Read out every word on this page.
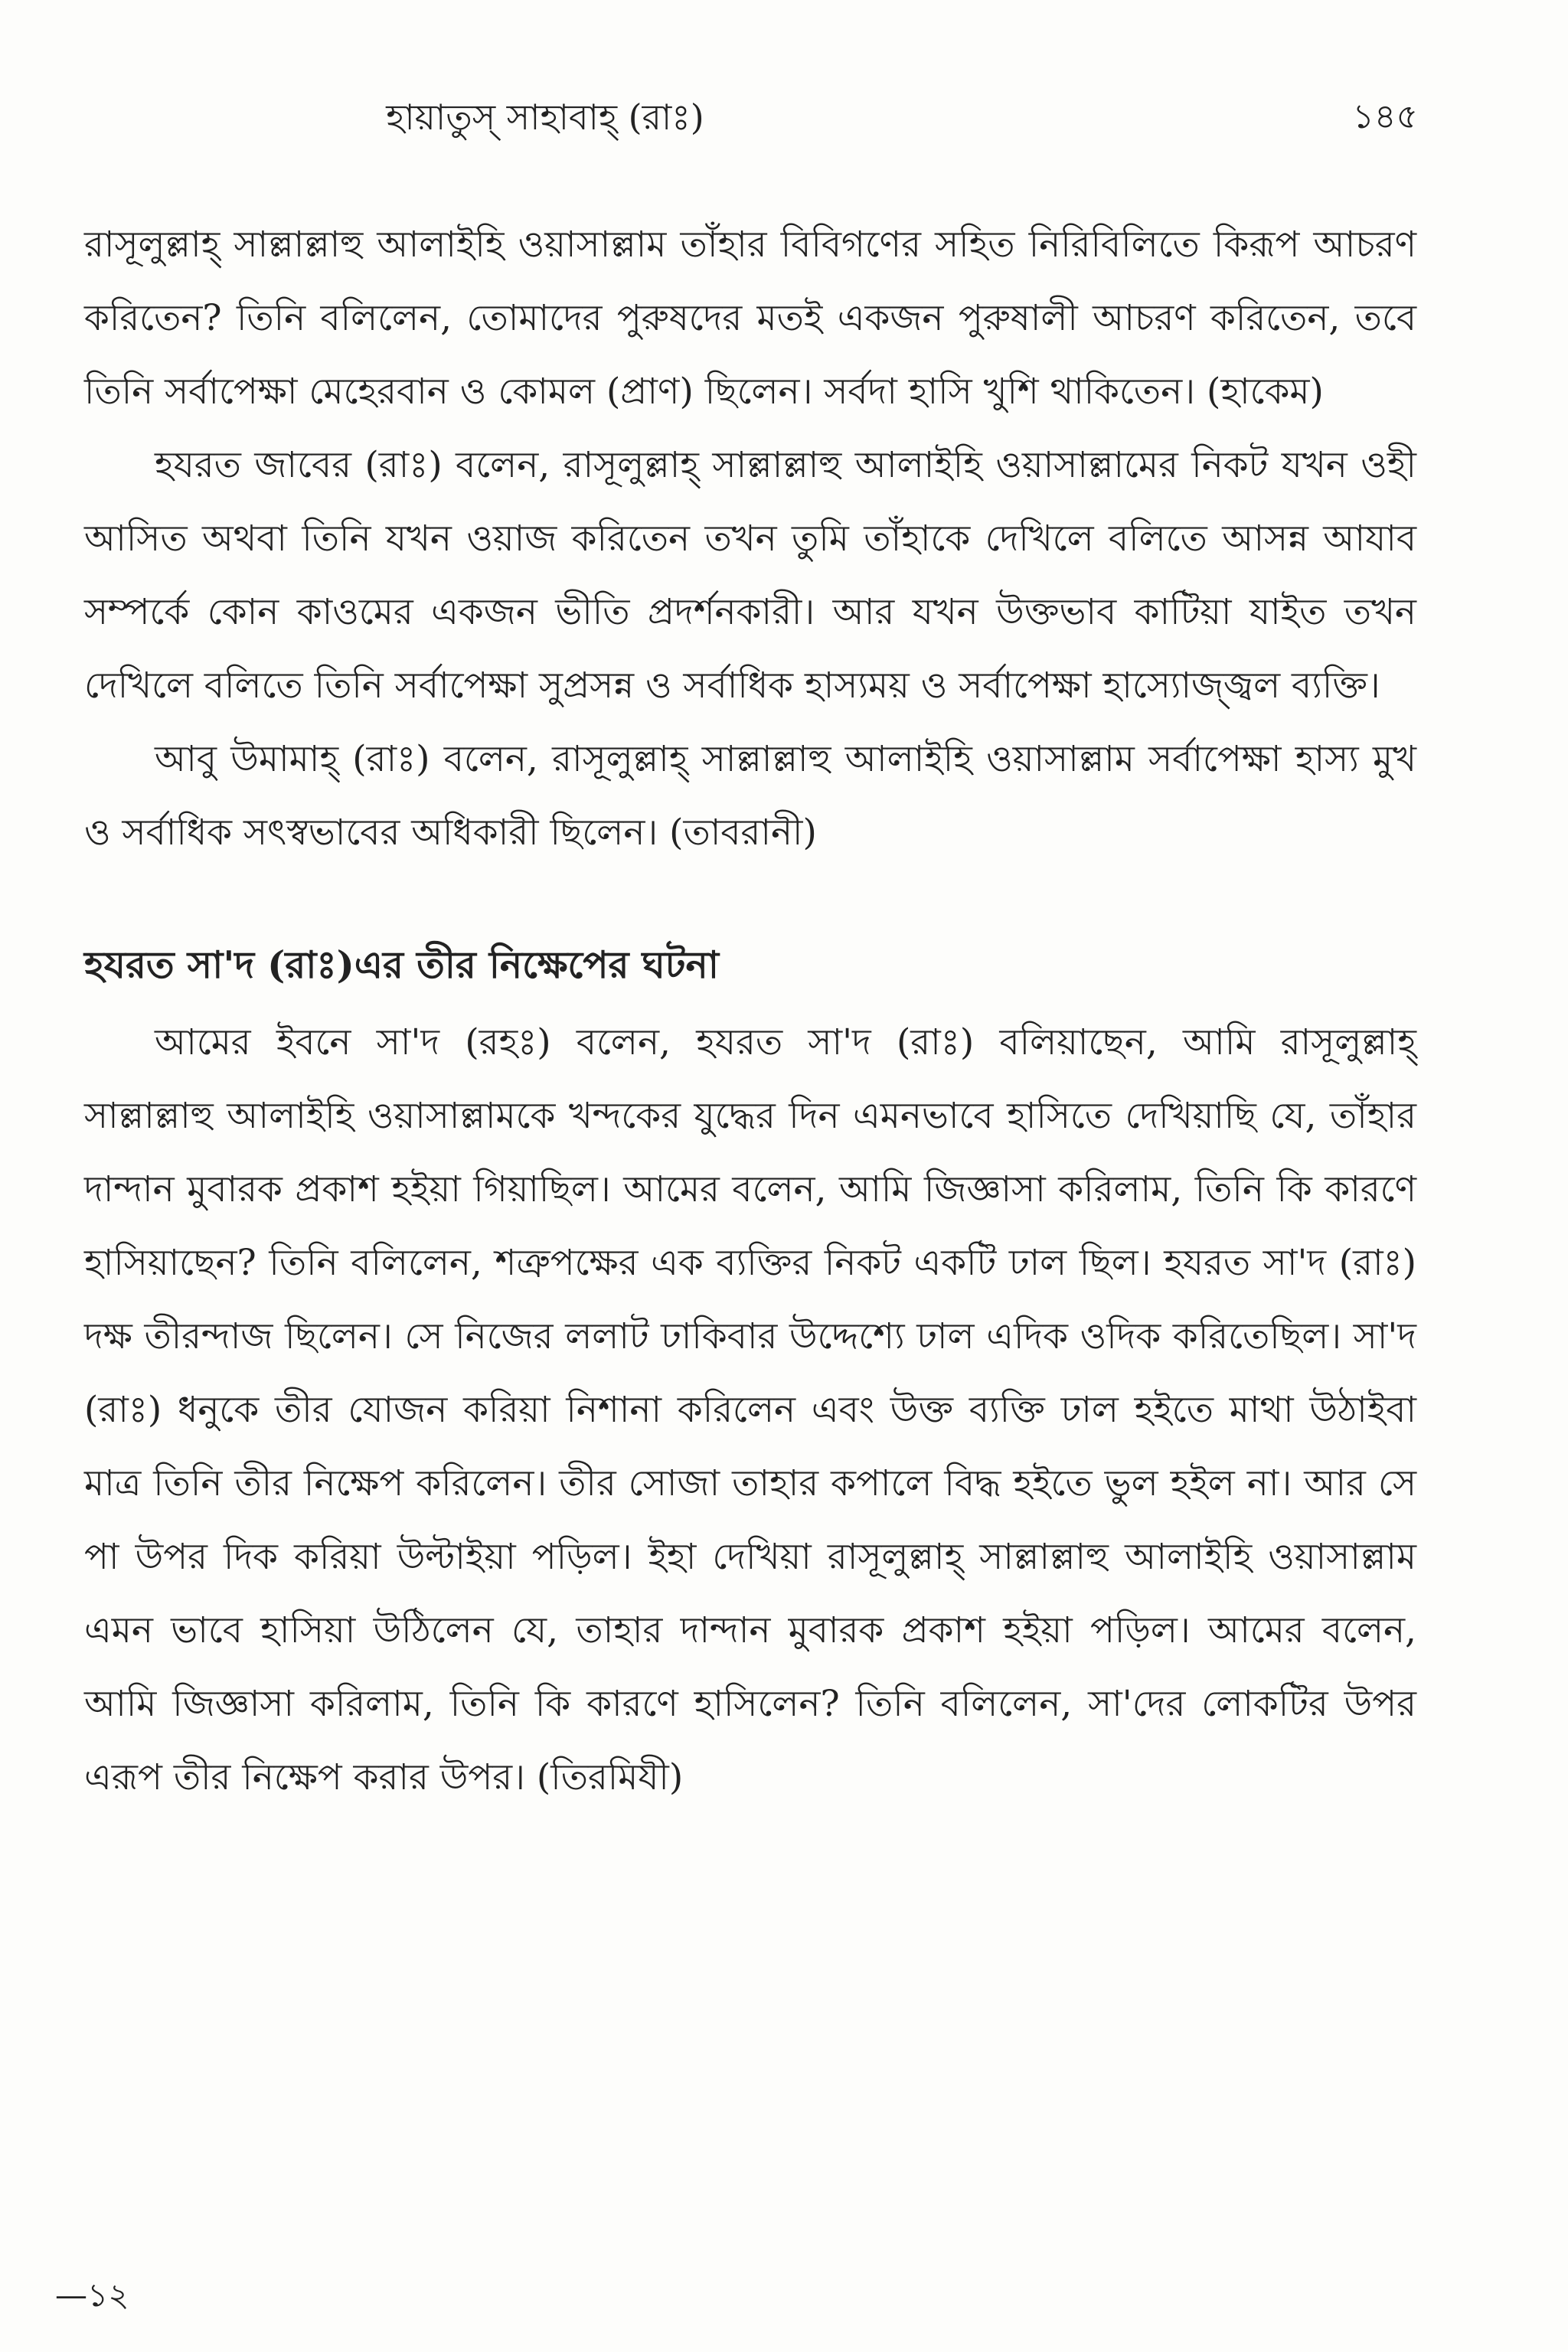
হায়াতুস্ সাহাবাহ্ (রাঃ)	১৪৫

রাসূলুল্লাহ্ সাল্লাল্লাহু আলাইহি ওয়াসাল্লাম তাঁহার বিবিগণের সহিত নিরিবিলিতে কিরূপ আচরণ করিতেন? তিনি বলিলেন, তোমাদের পুরুষদের মতই একজন পুরুষালী আচরণ করিতেন, তবে তিনি সর্বাপেক্ষা মেহেরবান ও কোমল (প্রাণ) ছিলেন। সর্বদা হাসি খুশি থাকিতেন। (হাকেম)

হযরত জাবের (রাঃ) বলেন, রাসূলুল্লাহ্ সাল্লাল্লাহু আলাইহি ওয়াসাল্লামের নিকট যখন ওহী আসিত অথবা তিনি যখন ওয়াজ করিতেন তখন তুমি তাঁহাকে দেখিলে বলিতে আসন্ন আযাব সম্পর্কে কোন কাওমের একজন ভীতি প্রদর্শনকারী। আর যখন উক্তভাব কাটিয়া যাইত তখন দেখিলে বলিতে তিনি সর্বাপেক্ষা সুপ্রসন্ন ও সর্বাধিক হাস্যময় ও সর্বাপেক্ষা হাস্যোজ্জ্বল ব্যক্তি।

আবু উমামাহ্ (রাঃ) বলেন, রাসূলুল্লাহ্ সাল্লাল্লাহু আলাইহি ওয়াসাল্লাম সর্বাপেক্ষা হাস্য মুখ ও সর্বাধিক সৎস্বভাবের অধিকারী ছিলেন। (তাবরানী)

হযরত সা'দ (রাঃ)এর তীর নিক্ষেপের ঘটনা

আমের ইবনে সা'দ (রহঃ) বলেন, হযরত সা'দ (রাঃ) বলিয়াছেন, আমি রাসূলুল্লাহ্ সাল্লাল্লাহু আলাইহি ওয়াসাল্লামকে খন্দকের যুদ্ধের দিন এমনভাবে হাসিতে দেখিয়াছি যে, তাঁহার দান্দান মুবারক প্রকাশ হইয়া গিয়াছিল। আমের বলেন, আমি জিজ্ঞাসা করিলাম, তিনি কি কারণে হাসিয়াছেন? তিনি বলিলেন, শত্রুপক্ষের এক ব্যক্তির নিকট একটি ঢাল ছিল। হযরত সা'দ (রাঃ) দক্ষ তীরন্দাজ ছিলেন। সে নিজের ললাট ঢাকিবার উদ্দেশ্যে ঢাল এদিক ওদিক করিতেছিল। সা'দ (রাঃ) ধনুকে তীর যোজন করিয়া নিশানা করিলেন এবং উক্ত ব্যক্তি ঢাল হইতে মাথা উঠাইবা মাত্র তিনি তীর নিক্ষেপ করিলেন। তীর সোজা তাহার কপালে বিদ্ধ হইতে ভুল হইল না। আর সে পা উপর দিক করিয়া উল্টাইয়া পড়িল। ইহা দেখিয়া রাসূলুল্লাহ্ সাল্লাল্লাহু আলাইহি ওয়াসাল্লাম এমন ভাবে হাসিয়া উঠিলেন যে, তাহার দান্দান মুবারক প্রকাশ হইয়া পড়িল। আমের বলেন, আমি জিজ্ঞাসা করিলাম, তিনি কি কারণে হাসিলেন? তিনি বলিলেন, সা'দের লোকটির উপর এরূপ তীর নিক্ষেপ করার উপর। (তিরমিযী)

—১২
